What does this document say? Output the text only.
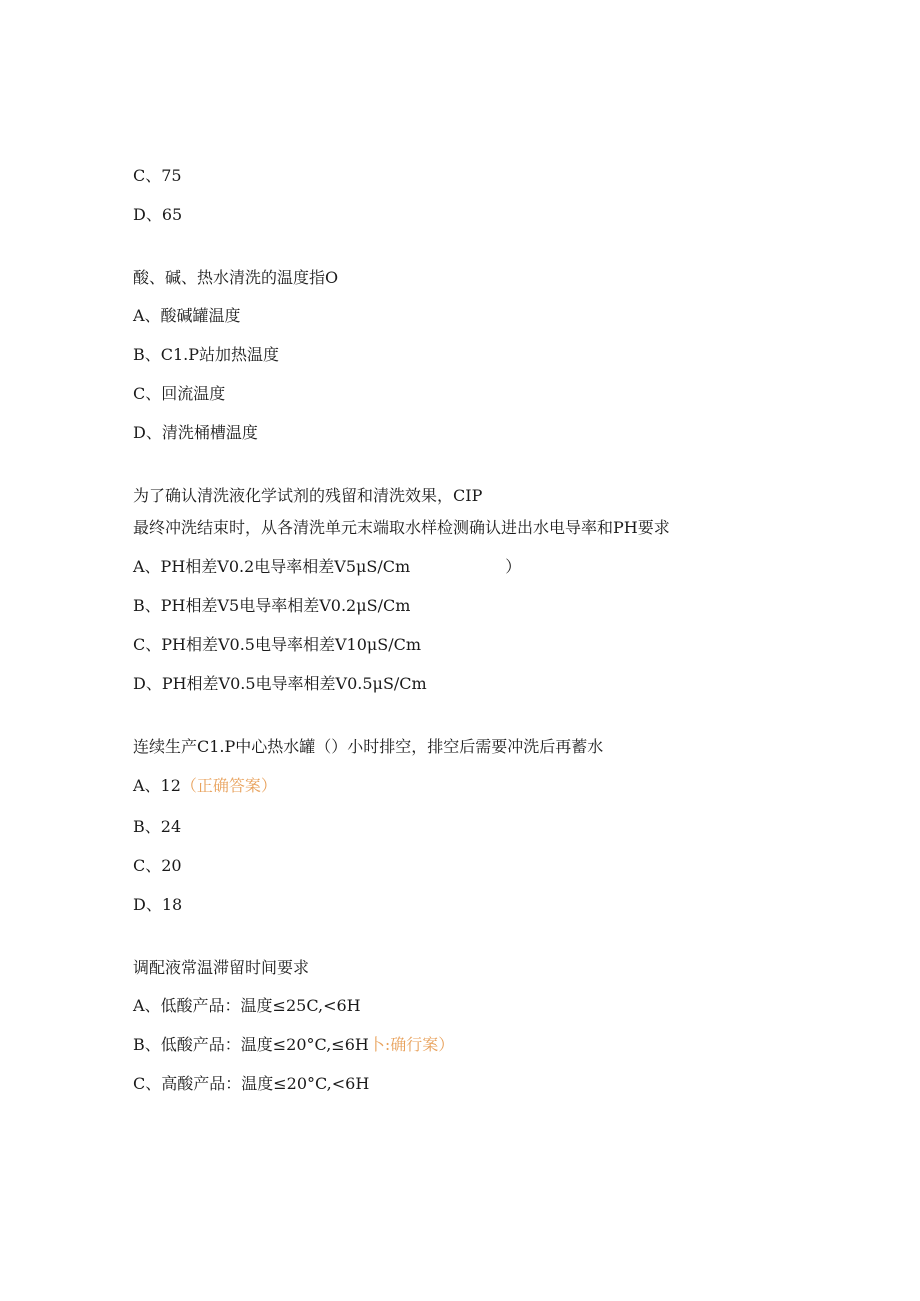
C、75
D、65
酸、碱、热水清洗的温度指O
A、酸碱罐温度
B、C1.P站加热温度
C、回流温度
D、清洗桶槽温度
为了确认清洗液化学试剂的残留和清洗效果，CIP
最终冲洗结束时，从各清洗单元末端取水样检测确认进出水电导率和PH要求
A、PH相差V0.2电导率相差V5μS∕Cm	）
B、PH相差V5电导率相差V0.2μS∕Cm
C、PH相差V0.5电导率相差V10μS∕Cm
D、PH相差V0.5电导率相差V0.5μS∕Cm
连续生产C1.P中心热水罐（）小时排空，排空后需要冲洗后再蓄水
A、12（正确答案）
B、24
C、20
D、18
调配液常温滞留时间要求
A、低酸产品：温度≤25C,<6H
B、低酸产品：温度≤20°C,≤6H卜:确行案）
C、高酸产品：温度≤20°C,<6H
